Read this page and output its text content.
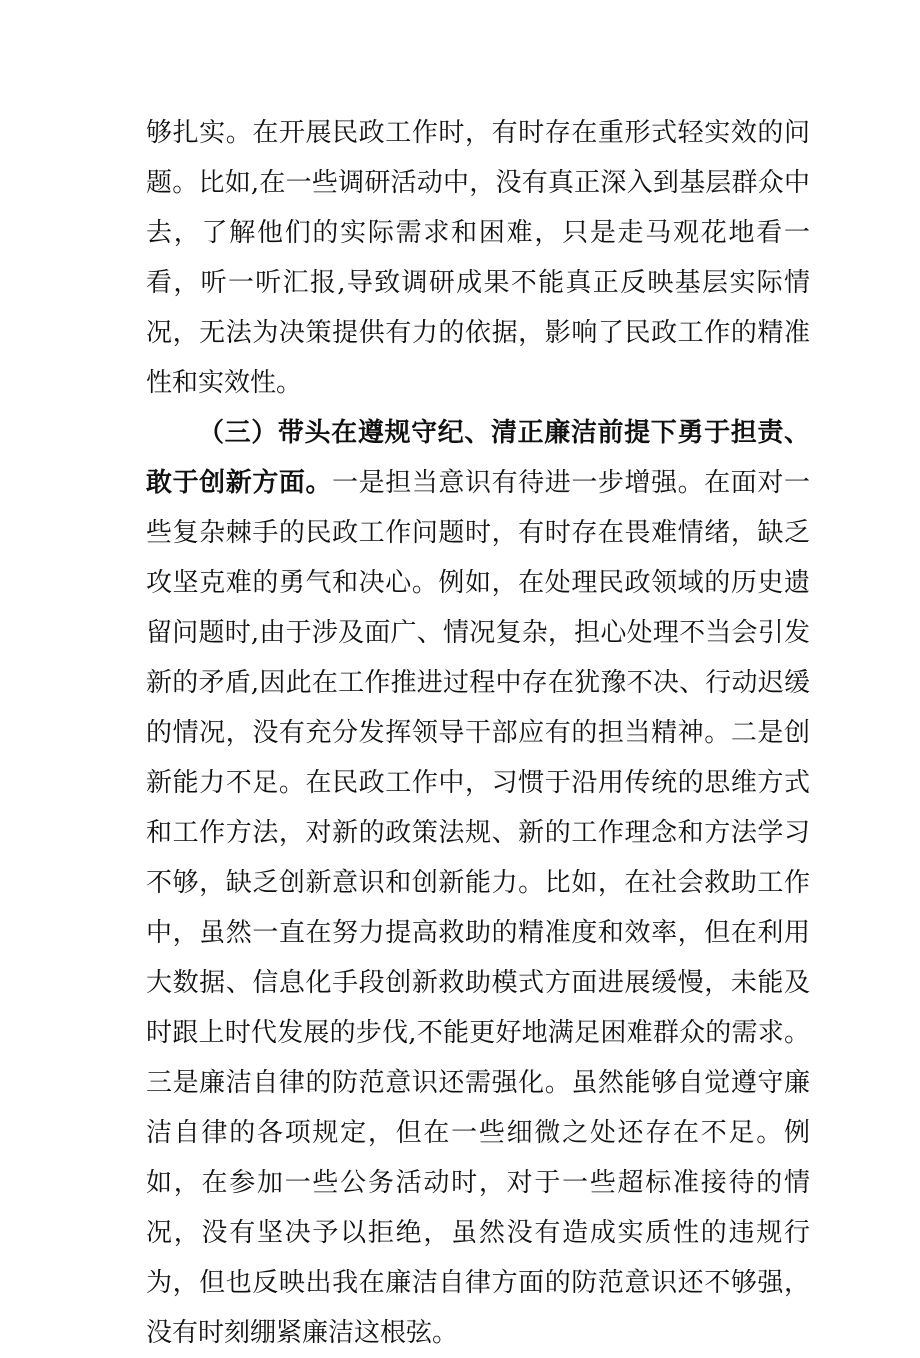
够扎实。在开展民政工作时，有时存在重形式轻实效的问题。比如,在一些调研活动中，没有真正深入到基层群众中去，了解他们的实际需求和困难，只是走马观花地看一看，听一听汇报,导致调研成果不能真正反映基层实际情况，无法为决策提供有力的依据，影响了民政工作的精准性和实效性。

（三）带头在遵规守纪、清正廉洁前提下勇于担责、敢于创新方面。一是担当意识有待进一步增强。在面对一些复杂棘手的民政工作问题时，有时存在畏难情绪，缺乏攻坚克难的勇气和决心。例如，在处理民政领域的历史遗留问题时,由于涉及面广、情况复杂，担心处理不当会引发新的矛盾,因此在工作推进过程中存在犹豫不决、行动迟缓的情况，没有充分发挥领导干部应有的担当精神。二是创新能力不足。在民政工作中，习惯于沿用传统的思维方式和工作方法，对新的政策法规、新的工作理念和方法学习不够，缺乏创新意识和创新能力。比如，在社会救助工作中，虽然一直在努力提高救助的精准度和效率，但在利用大数据、信息化手段创新救助模式方面进展缓慢，未能及时跟上时代发展的步伐,不能更好地满足困难群众的需求。三是廉洁自律的防范意识还需强化。虽然能够自觉遵守廉洁自律的各项规定，但在一些细微之处还存在不足。例如，在参加一些公务活动时，对于一些超标准接待的情况，没有坚决予以拒绝，虽然没有造成实质性的违规行为，但也反映出我在廉洁自律方面的防范意识还不够强，没有时刻绷紧廉洁这根弦。
